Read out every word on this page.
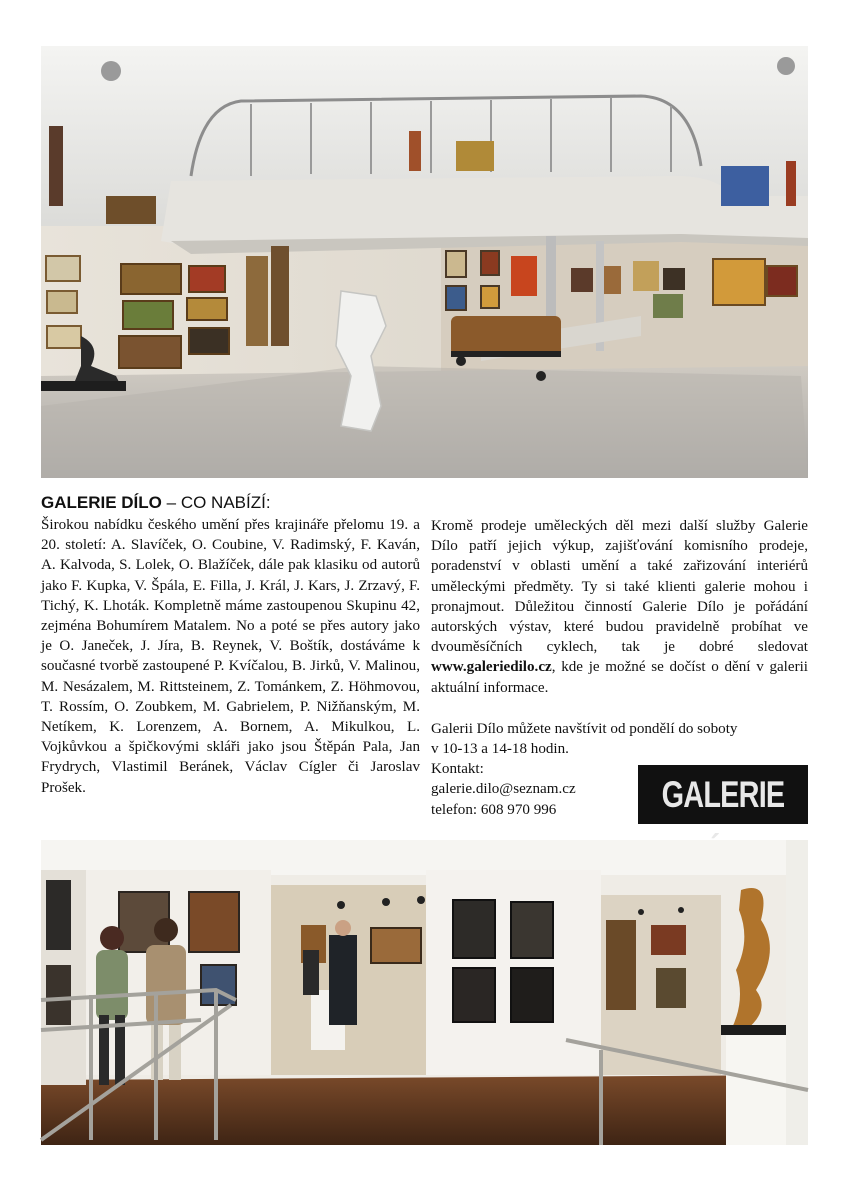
GALERIE DÍLO – CO NABÍZÍ:

Širokou nabídku českého umění přes krajináře přelomu 19. a 20. století: A. Slavíček, O. Coubine, V. Radimský, F. Kaván, A. Kalvoda, S. Lolek, O. Blažíček, dále pak klasiku od autorů jako F. Kupka, V. Špála, E. Filla, J. Král, J. Kars, J. Zrzavý, F. Tichý, K. Lhoták. Kompletně máme zastoupenou Skupinu 42, zejména Bohumírem Matalem. No a poté se přes autory jako je O. Janeček, J. Jíra, B. Reynek, V. Boštík, dostáváme k současné tvorbě zastoupené P. Kvíčalou, B. Jirků, V. Malinou, M. Nesázalem, M. Rittsteinem, Z. Tománkem, Z. Höhmovou, T. Rossím, O. Zoubkem, M. Gabrielem, P. Nižňanským, M. Netíkem, K. Lorenzem, A. Bornem, A. Mikulkou, L. Vojkůvkou a špičkovými skláři jako jsou Štěpán Pala, Jan Frydrych, Vlastimil Beránek, Václav Cígler či Jaroslav Prošek.

Kromě prodeje uměleckých děl mezi další služby Galerie Dílo patří jejich výkup, zajišťování komisního prodeje, poradenství v oblasti umění a také zařizování interiérů uměleckými předměty. Ty si také klienti galerie mohou i pronajmout. Důležitou činností Galerie Dílo je pořádání autorských výstav, které budou pravidelně probíhat ve dvouměsíčních cyklech, tak je dobré sledovat www.galeriedilo.cz, kde je možné se dočíst o dění v galerii aktuální informace.

Galerii Dílo můžete navštívit od pondělí do soboty

v 10-13 a 14-18 hodin.

Kontakt:

galerie.dilo@seznam.cz

telefon: 608 970 996	GALERIE
